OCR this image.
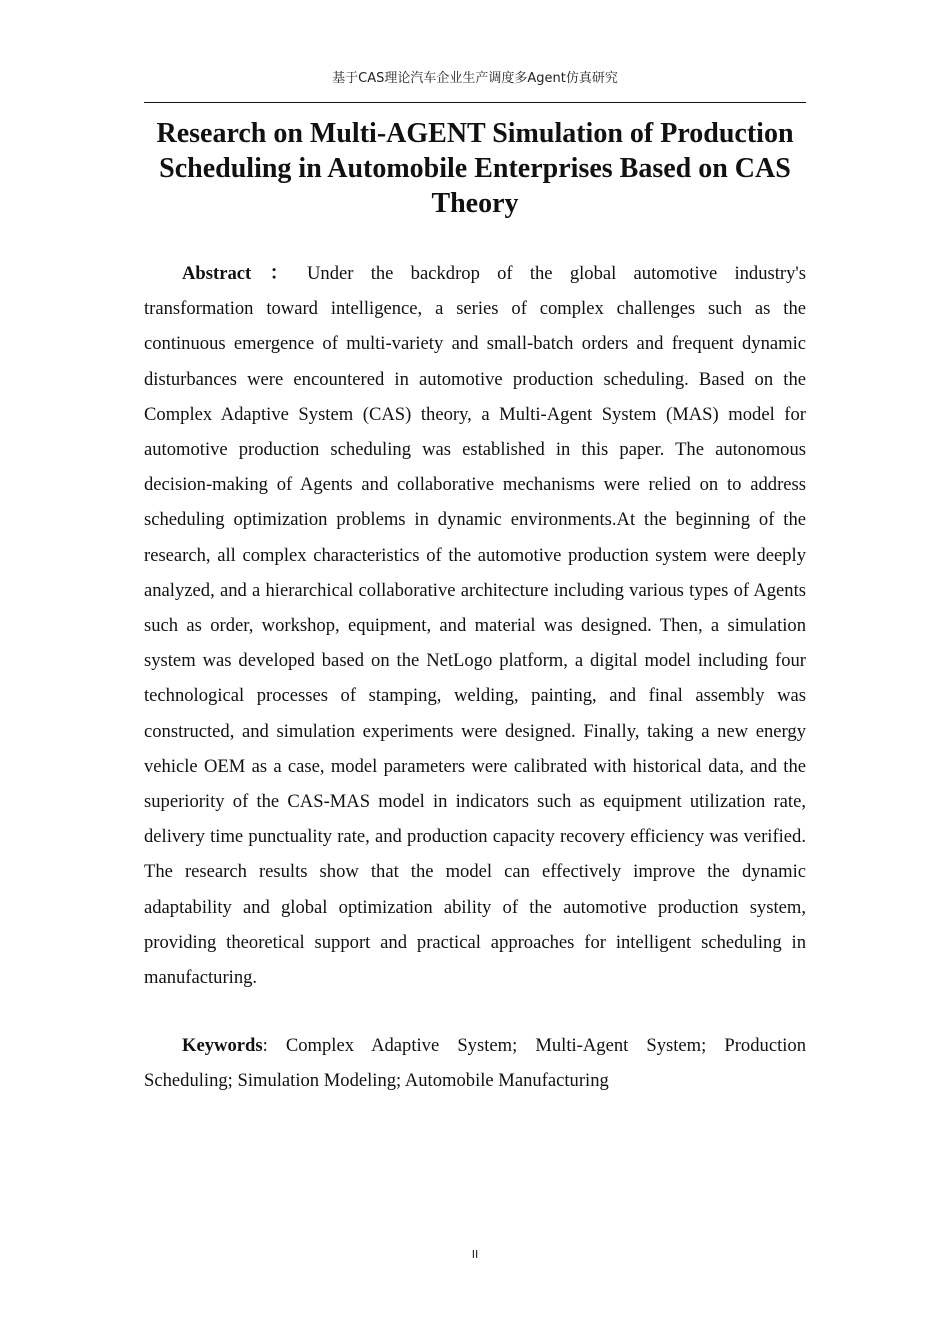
基于CAS理论汽车企业生产调度多Agent仿真研究
Research on Multi-AGENT Simulation of Production Scheduling in Automobile Enterprises Based on CAS Theory

Abstract ： Under the backdrop of the global automotive industry's transformation toward intelligence, a series of complex challenges such as the continuous emergence of multi-variety and small-batch orders and frequent dynamic disturbances were encountered in automotive production scheduling. Based on the Complex Adaptive System (CAS) theory, a Multi-Agent System (MAS) model for automotive production scheduling was established in this paper. The autonomous decision-making of Agents and collaborative mechanisms were relied on to address scheduling optimization problems in dynamic environments.At the beginning of the research, all complex characteristics of the automotive production system were deeply analyzed, and a hierarchical collaborative architecture including various types of Agents such as order, workshop, equipment, and material was designed. Then, a simulation system was developed based on the NetLogo platform, a digital model including four technological processes of stamping, welding, painting, and final assembly was constructed, and simulation experiments were designed. Finally, taking a new energy vehicle OEM as a case, model parameters were calibrated with historical data, and the superiority of the CAS-MAS model in indicators such as equipment utilization rate, delivery time punctuality rate, and production capacity recovery efficiency was verified. The research results show that the model can effectively improve the dynamic adaptability and global optimization ability of the automotive production system, providing theoretical support and practical approaches for intelligent scheduling in manufacturing.

Keywords: Complex Adaptive System; Multi-Agent System; Production Scheduling; Simulation Modeling; Automobile Manufacturing

II
